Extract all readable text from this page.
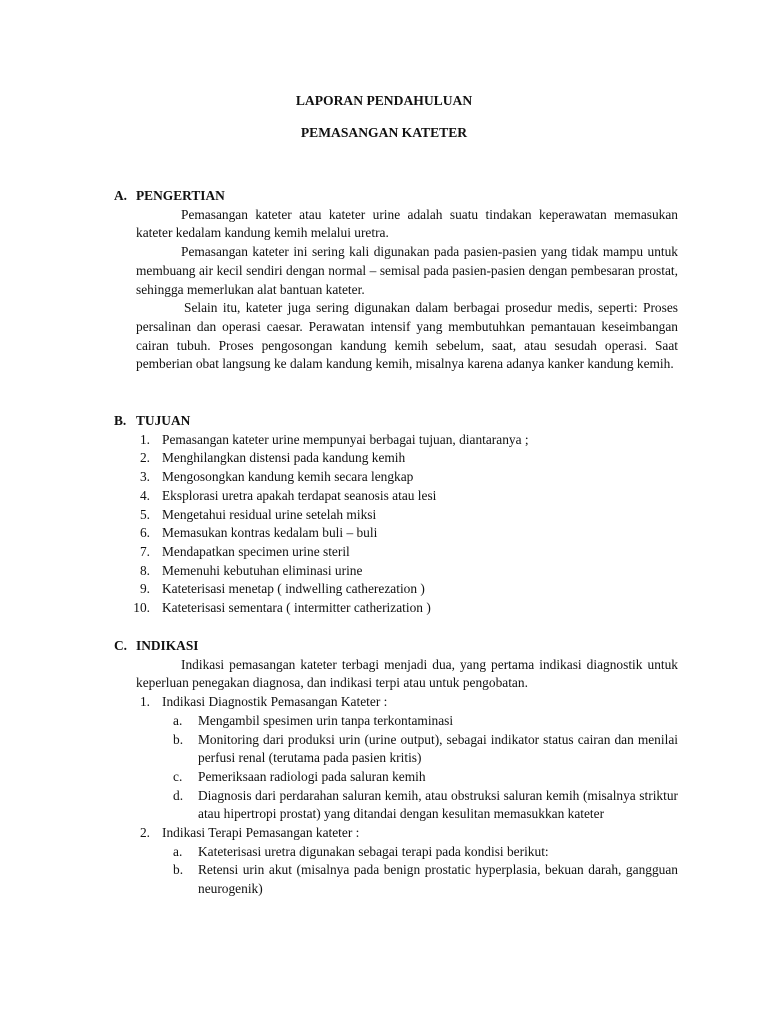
LAPORAN PENDAHULUAN
PEMASANGAN KATETER
A. PENGERTIAN
Pemasangan kateter atau kateter urine adalah suatu tindakan keperawatan memasukan kateter kedalam kandung kemih melalui uretra.
Pemasangan kateter ini sering kali digunakan pada pasien-pasien yang tidak mampu untuk membuang air kecil sendiri dengan normal – semisal pada pasien-pasien dengan pembesaran prostat, sehingga memerlukan alat bantuan kateter.
Selain itu, kateter juga sering digunakan dalam berbagai prosedur medis, seperti: Proses persalinan dan operasi caesar. Perawatan intensif yang membutuhkan pemantauan keseimbangan cairan tubuh. Proses pengosongan kandung kemih sebelum, saat, atau sesudah operasi. Saat pemberian obat langsung ke dalam kandung kemih, misalnya karena adanya kanker kandung kemih.
B. TUJUAN
1. Pemasangan kateter urine mempunyai berbagai tujuan, diantaranya ;
2. Menghilangkan distensi pada kandung kemih
3. Mengosongkan kandung kemih secara lengkap
4. Eksplorasi uretra apakah terdapat seanosis atau lesi
5. Mengetahui residual urine setelah miksi
6. Memasukan kontras kedalam buli – buli
7. Mendapatkan specimen urine steril
8. Memenuhi kebutuhan eliminasi urine
9. Kateterisasi menetap ( indwelling catherezation )
10. Kateterisasi sementara ( intermitter catherization )
C. INDIKASI
Indikasi pemasangan kateter terbagi menjadi dua, yang pertama indikasi diagnostik untuk keperluan penegakan diagnosa, dan indikasi terpi atau untuk pengobatan.
1. Indikasi Diagnostik Pemasangan Kateter :
a. Mengambil spesimen urin tanpa terkontaminasi
b. Monitoring dari produksi urin (urine output), sebagai indikator status cairan dan menilai perfusi renal (terutama pada pasien kritis)
c. Pemeriksaan radiologi pada saluran kemih
d. Diagnosis dari perdarahan saluran kemih, atau obstruksi saluran kemih (misalnya striktur atau hipertropi prostat) yang ditandai dengan kesulitan memasukkan kateter
2. Indikasi Terapi Pemasangan kateter :
a. Kateterisasi uretra digunakan sebagai terapi pada kondisi berikut:
b. Retensi urin akut (misalnya pada benign prostatic hyperplasia, bekuan darah, gangguan neurogenik)
